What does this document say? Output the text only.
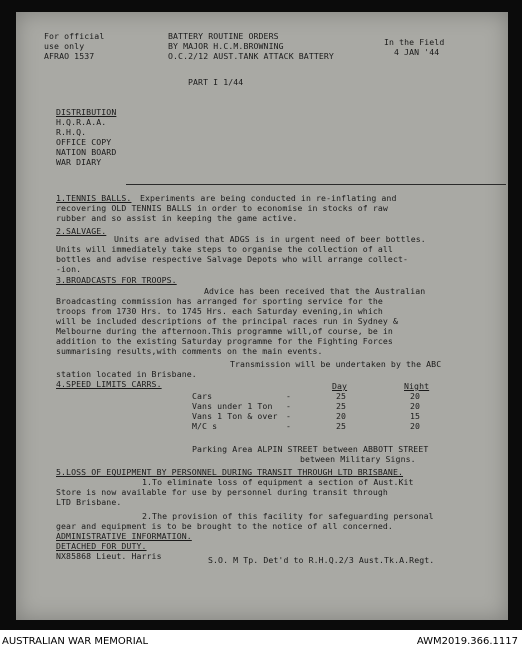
For official
use only
AFRAO 1537
BATTERY ROUTINE ORDERS
BY MAJOR H.C.M.BROWNING
O.C.2/12 AUST.TANK ATTACK BATTERY
In the Field
4 JAN '44
PART I 1/44
DISTRIBUTION
H.Q.R.A.A.
R.H.Q.
OFFICE COPY
NATION BOARD
WAR DIARY
1.TENNIS BALLS. Experiments are being conducted in re-inflating and
recovering OLD TENNIS BALLS in order to economise in stocks of raw
rubber and so assist in keeping the game active.
2.SALVAGE.
Units are advised that ADGS is in urgent need of beer bottles.
Units will immediately take steps to organise the collection of all
bottles and advise respective Salvage Depots who will arrange collect-
-ion.
3.BROADCASTS FOR TROOPS.
Advice has been received that the Australian
Broadcasting commission has arranged for sporting service for the
troops from 1730 Hrs. to 1745 Hrs. each Saturday evening,in which
will be included descriptions of the principal races run in Sydney &
Melbourne during the afternoon.This programme will,of course, be in
addition to the existing Saturday programme for the Fighting Forces
summarising results,with comments on the main events.
Transmission will be undertaken by the ABC
station located in Brisbane.
4.SPEED LIMITS CARRS.	Day	Night
Cars	-	25	20
Vans under 1 Ton -	25	20
Vans 1 Ton & over -	20	15
M/C s	-	25	20
Parking Area ALPIN STREET between ABBOTT STREET
between Military Signs.
5.LOSS OF EQUIPMENT BY PERSONNEL DURING TRANSIT THROUGH LTD BRISBANE.
1.To eliminate loss of equipment a section of Aust.Kit
Store is now available for use by personnel during transit through
LTD Brisbane.
2.The provision of this facility for safeguarding personal
gear and equipment is to be brought to the notice of all concerned.
ADMINISTRATIVE INFORMATION.
DETACHED FOR DUTY.
NX85868 Lieut. Harris	S.O. M Tp. Det'd to R.H.Q.2/3 Aust.Tk.A.Regt.
AUSTRALIAN WAR MEMORIAL	AWM2019.366.1117
